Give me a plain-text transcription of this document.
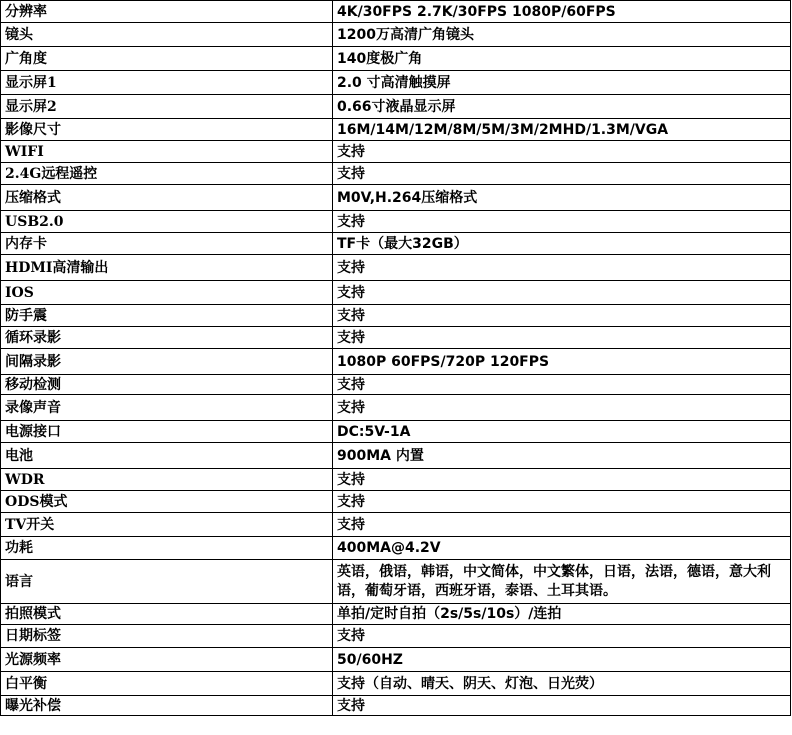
分辨率	4K/30FPS 2.7K/30FPS 1080P/60FPS
镜头	1200万高清广角镜头
广角度	140度极广角
显示屏1	2.0 寸高清触摸屏
显示屏2	0.66寸液晶显示屏
影像尺寸	16M/14M/12M/8M/5M/3M/2MHD/1.3M/VGA
WIFI	支持
2.4G远程遥控	支持
压缩格式	M0V,H.264压缩格式
USB2.0	支持
内存卡	TF卡（最大32GB）
HDMI高清输出	支持
IOS	支持
防手震	支持
循环录影	支持
间隔录影	1080P 60FPS/720P 120FPS
移动检测	支持
录像声音	支持
电源接口	DC:5V-1A
电池	900MA 内置
WDR	支持
ODS模式	支持
TV开关	支持
功耗	400MA@4.2V
语言	英语，俄语，韩语，中文简体，中文繁体，日语，法语，德语，意大利语，葡萄牙语，西班牙语，泰语、土耳其语。
拍照模式	单拍/定时自拍（2s/5s/10s）/连拍
日期标签	支持
光源频率	50/60HZ
白平衡	支持（自动、晴天、阴天、灯泡、日光荧）
曝光补偿	支持
